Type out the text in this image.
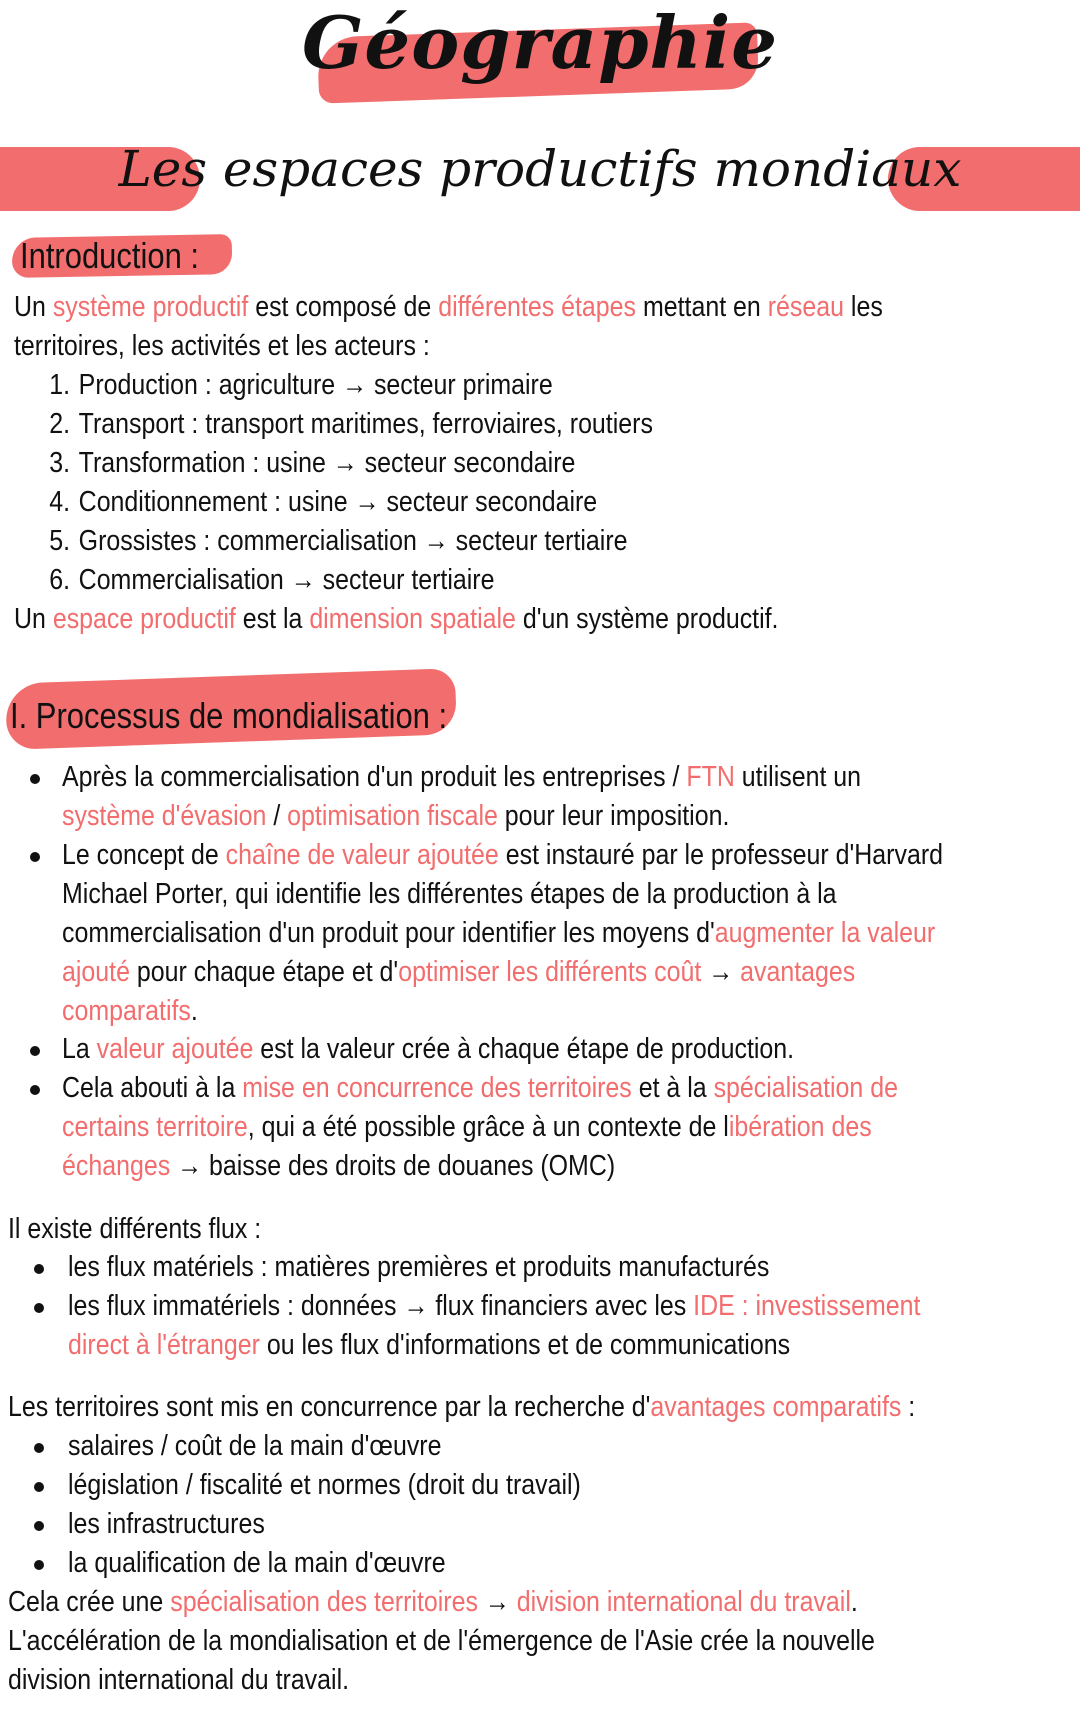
Géographie
Les espaces productifs mondiaux
Introduction :
Un système productif est composé de différentes étapes mettant en réseau les
territoires, les activités et les acteurs :
1. Production : agriculture → secteur primaire
2. Transport : transport maritimes, ferroviaires, routiers
3. Transformation : usine → secteur secondaire
4. Conditionnement : usine → secteur secondaire
5. Grossistes : commercialisation → secteur tertiaire
6. Commercialisation → secteur tertiaire
Un espace productif est la dimension spatiale d'un système productif.
I. Processus de mondialisation :
Après la commercialisation d'un produit les entreprises / FTN utilisent un
système d'évasion / optimisation fiscale pour leur imposition.
Le concept de chaîne de valeur ajoutée est instauré par le professeur d'Harvard
Michael Porter, qui identifie les différentes étapes de la production à la
commercialisation d'un produit pour identifier les moyens d'augmenter la valeur
ajouté pour chaque étape et d'optimiser les différents coût → avantages
comparatifs.
La valeur ajoutée est la valeur crée à chaque étape de production.
Cela abouti à la mise en concurrence des territoires et à la spécialisation de
certains territoire, qui a été possible grâce à un contexte de libération des
échanges → baisse des droits de douanes (OMC)
Il existe différents flux :
les flux matériels : matières premières et produits manufacturés
les flux immatériels : données → flux financiers avec les IDE : investissement
direct à l'étranger ou les flux d'informations et de communications
Les territoires sont mis en concurrence par la recherche d'avantages comparatifs :
salaires / coût de la main d'œuvre
législation / fiscalité et normes (droit du travail)
les infrastructures
la qualification de la main d'œuvre
Cela crée une spécialisation des territoires → division international du travail.
L'accélération de la mondialisation et de l'émergence de l'Asie crée la nouvelle
division international du travail.
